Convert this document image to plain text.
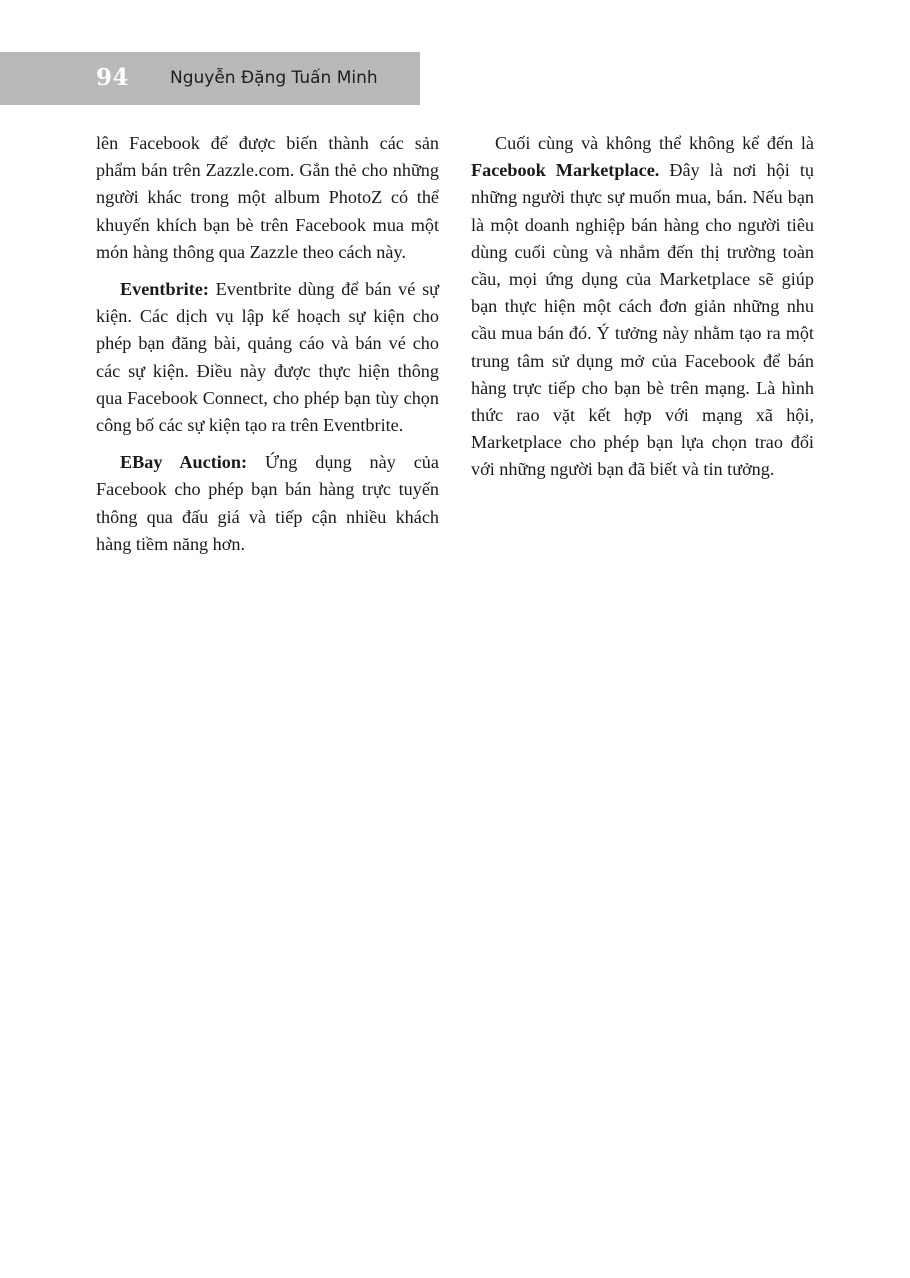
94 Nguyễn Đặng Tuấn Minh

lên Facebook để được biến thành các sản phẩm bán trên Zazzle.com. Gắn thẻ cho những người khác trong một album PhotoZ có thể khuyến khích bạn bè trên Facebook mua một món hàng thông qua Zazzle theo cách này.

Eventbrite: Eventbrite dùng để bán vé sự kiện. Các dịch vụ lập kế hoạch sự kiện cho phép bạn đăng bài, quảng cáo và bán vé cho các sự kiện. Điều này được thực hiện thông qua Facebook Connect, cho phép bạn tùy chọn công bố các sự kiện tạo ra trên Eventbrite.

EBay Auction: Ứng dụng này của Facebook cho phép bạn bán hàng trực tuyến thông qua đấu giá và tiếp cận nhiều khách hàng tiềm năng hơn.

Cuối cùng và không thể không kể đến là Facebook Marketplace. Đây là nơi hội tụ những người thực sự muốn mua, bán. Nếu bạn là một doanh nghiệp bán hàng cho người tiêu dùng cuối cùng và nhắm đến thị trường toàn cầu, mọi ứng dụng của Marketplace sẽ giúp bạn thực hiện một cách đơn giản những nhu cầu mua bán đó. Ý tưởng này nhằm tạo ra một trung tâm sử dụng mở của Facebook để bán hàng trực tiếp cho bạn bè trên mạng. Là hình thức rao vặt kết hợp với mạng xã hội, Marketplace cho phép bạn lựa chọn trao đổi với những người bạn đã biết và tin tưởng.
